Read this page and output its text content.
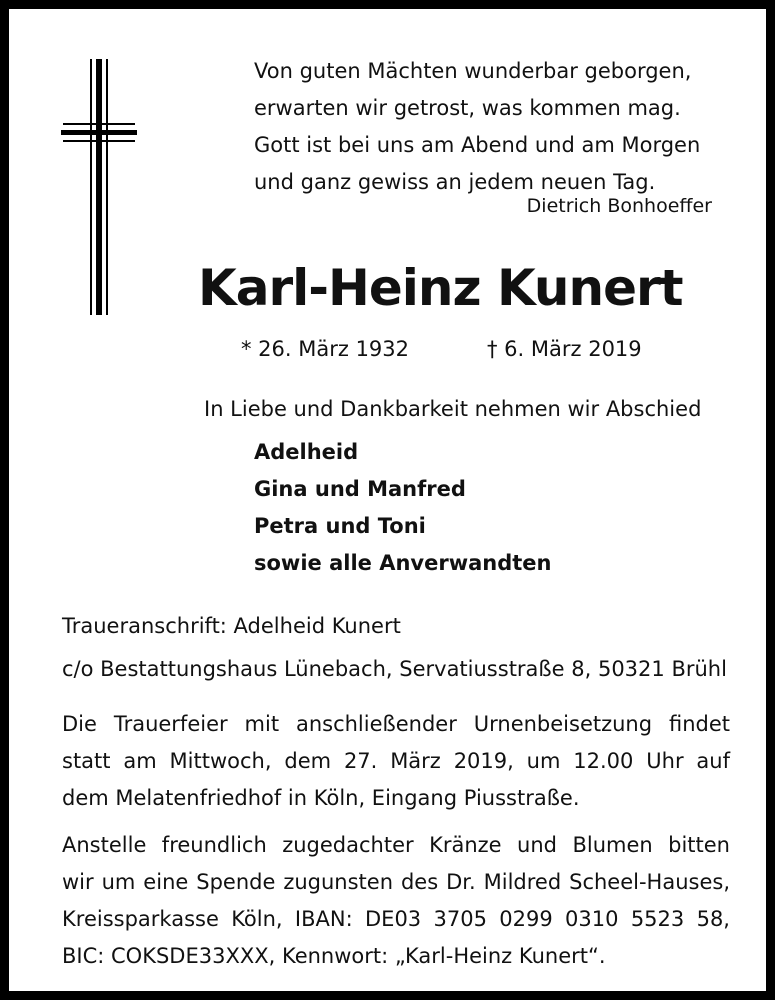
Von guten Mächten wunderbar geborgen,
erwarten wir getrost, was kommen mag.
Gott ist bei uns am Abend und am Morgen
und ganz gewiss an jedem neuen Tag.
Dietrich Bonhoeffer
Karl-Heinz Kunert
* 26. März 1932	† 6. März 2019
In Liebe und Dankbarkeit nehmen wir Abschied
Adelheid
Gina und Manfred
Petra und Toni
sowie alle Anverwandten
Traueranschrift: Adelheid Kunert
c/o Bestattungshaus Lünebach, Servatiusstraße 8, 50321 Brühl
Die Trauerfeier mit anschließender Urnenbeisetzung findet
statt am Mittwoch, dem 27. März 2019, um 12.00 Uhr auf
dem Melatenfriedhof in Köln, Eingang Piusstraße.
Anstelle freundlich zugedachter Kränze und Blumen bitten
wir um eine Spende zugunsten des Dr. Mildred Scheel-Hauses,
Kreissparkasse Köln, IBAN: DE03 3705 0299 0310 5523 58,
BIC: COKSDE33XXX, Kennwort: „Karl-Heinz Kunert“.
